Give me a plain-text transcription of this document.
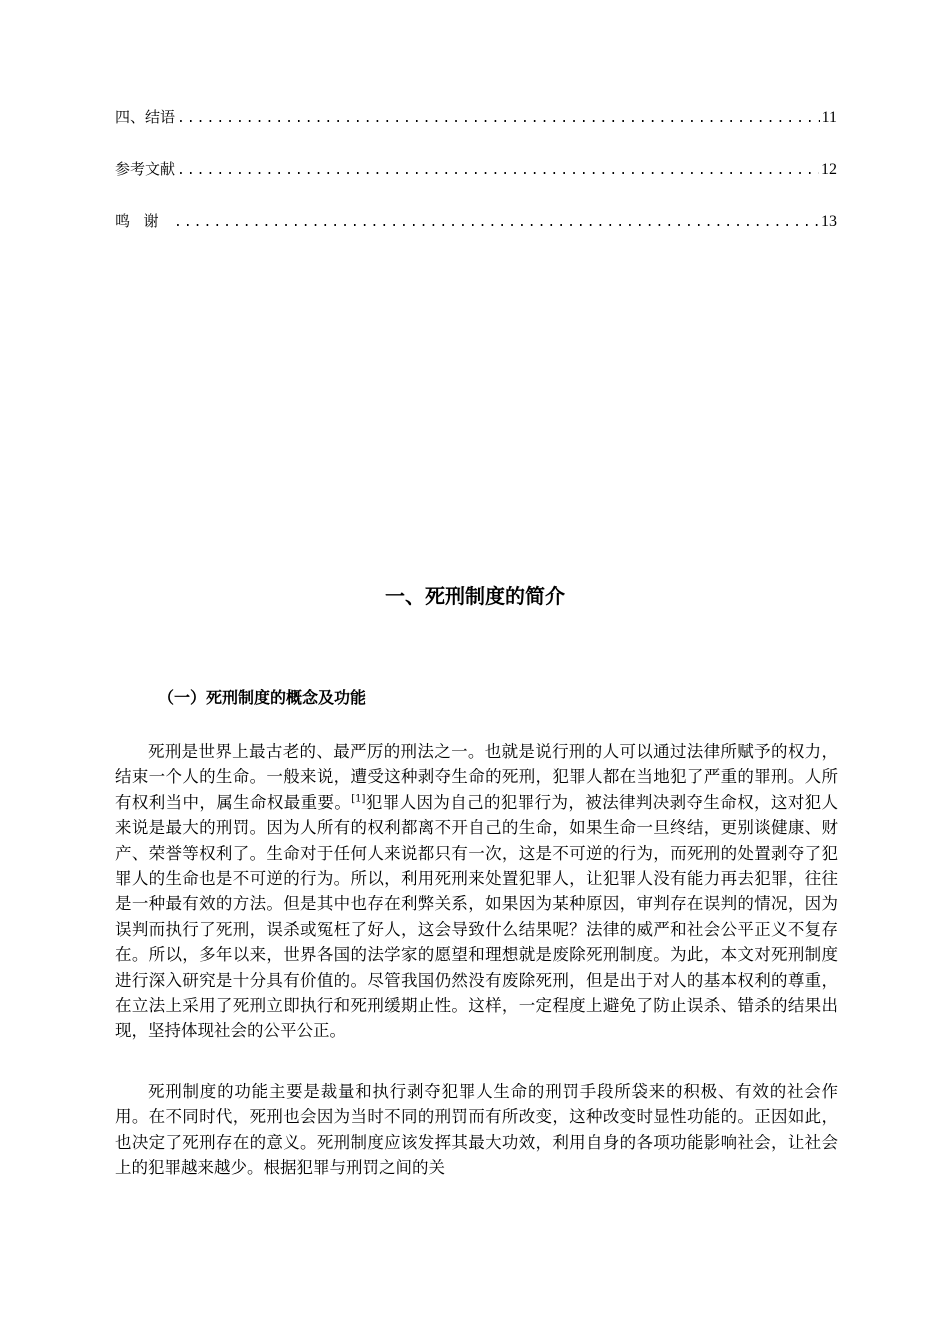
四、结语 .....	11
参考文献 .....	12
鸣谢 .....	13
一、死刑制度的简介
（一）死刑制度的概念及功能

死刑是世界上最古老的、最严厉的刑法之一。也就是说行刑的人可以通过法律所赋予的权力，结束一个人的生命。一般来说，遭受这种剥夺生命的死刑，犯罪人都在当地犯了严重的罪刑。人所有权利当中，属生命权最重要。[1]犯罪人因为自己的犯罪行为，被法律判决剥夺生命权，这对犯人来说是最大的刑罚。因为人所有的权利都离不开自己的生命，如果生命一旦终结，更别谈健康、财产、荣誉等权利了。生命对于任何人来说都只有一次，这是不可逆的行为，而死刑的处置剥夺了犯罪人的生命也是不可逆的行为。所以，利用死刑来处置犯罪人，让犯罪人没有能力再去犯罪，往往是一种最有效的方法。但是其中也存在利弊关系，如果因为某种原因，审判存在误判的情况，因为误判而执行了死刑，误杀或冤枉了好人，这会导致什么结果呢？法律的威严和社会公平正义不复存在。所以，多年以来，世界各国的法学家的愿望和理想就是废除死刑制度。为此，本文对死刑制度进行深入研究是十分具有价值的。尽管我国仍然没有废除死刑，但是出于对人的基本权利的尊重，在立法上采用了死刑立即执行和死刑缓期止性。这样，一定程度上避免了防止误杀、错杀的结果出现，坚持体现社会的公平公正。

死刑制度的功能主要是裁量和执行剥夺犯罪人生命的刑罚手段所袋来的积极、有效的社会作用。在不同时代，死刑也会因为当时不同的刑罚而有所改变，这种改变时显性功能的。正因如此，也决定了死刑存在的意义。死刑制度应该发挥其最大功效，利用自身的各项功能影响社会，让社会上的犯罪越来越少。根据犯罪与刑罚之间的关
